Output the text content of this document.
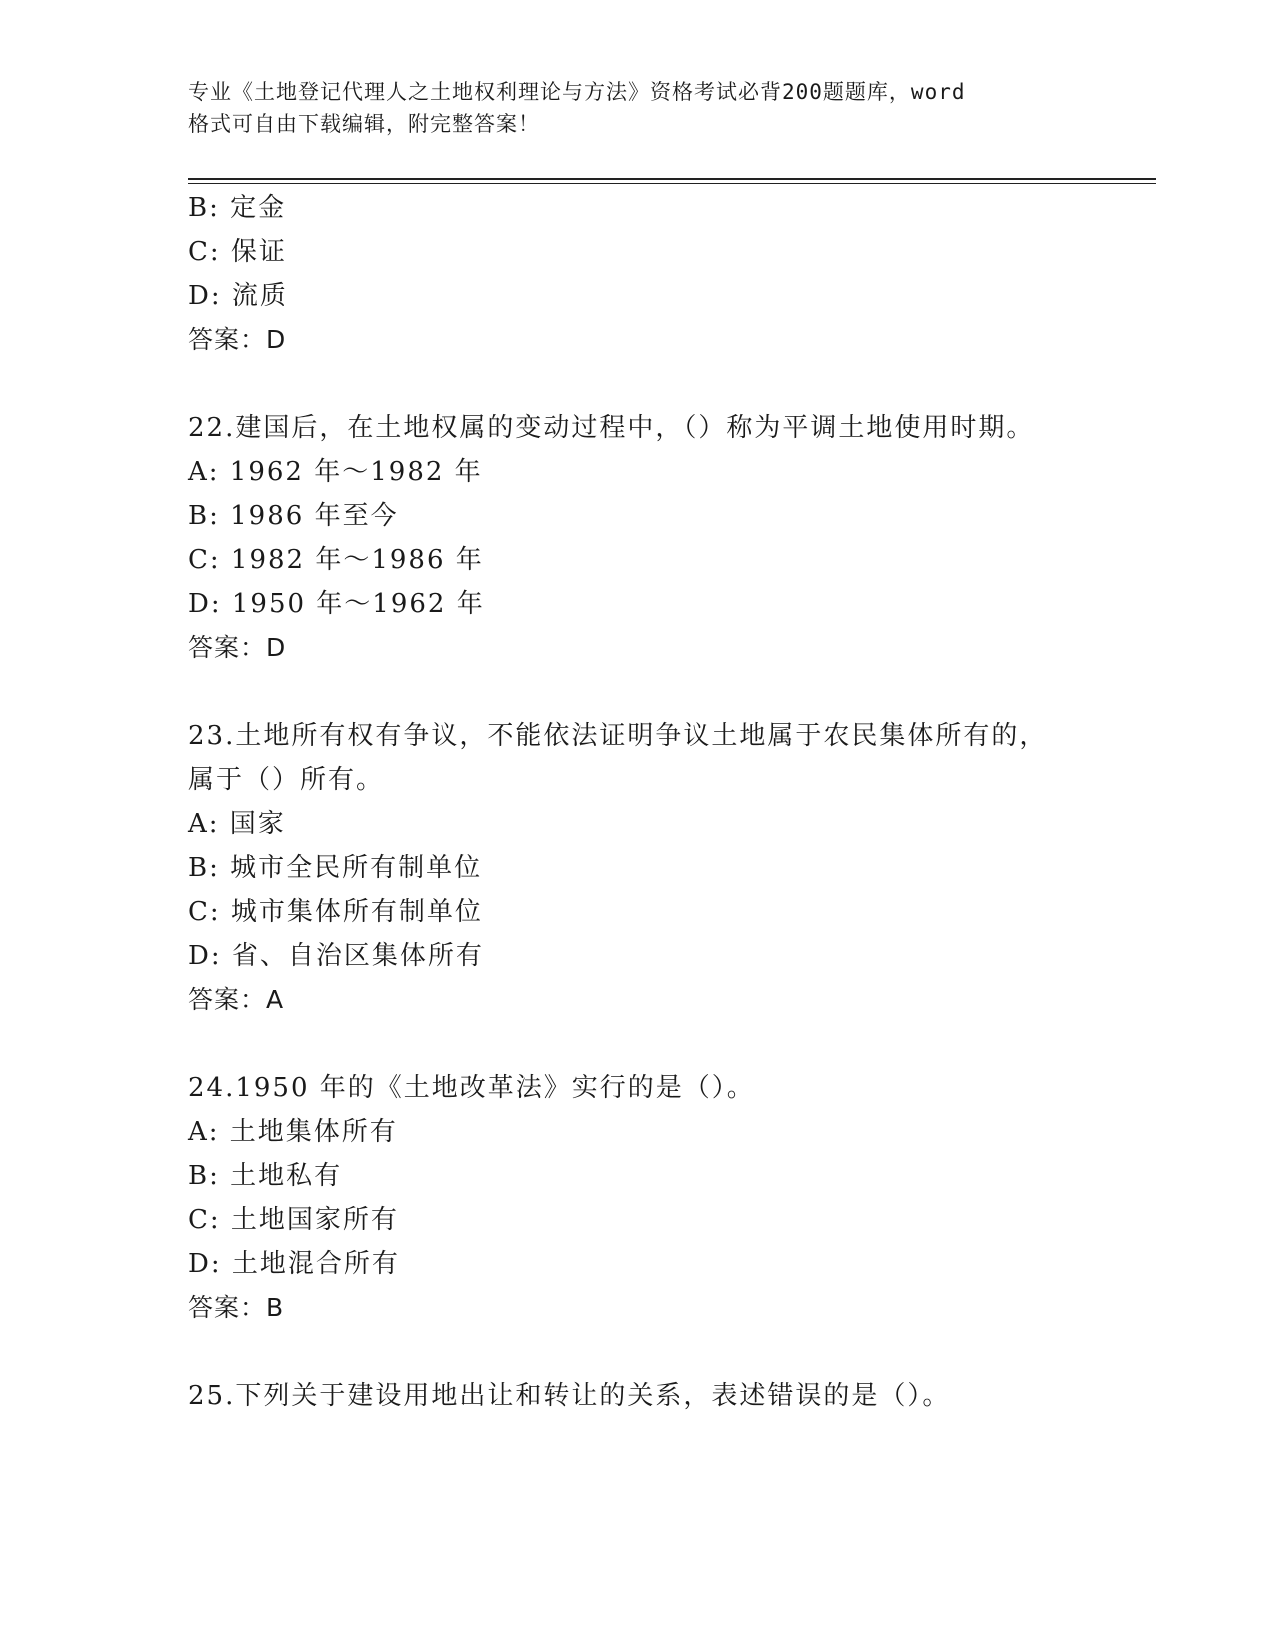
专业《土地登记代理人之土地权利理论与方法》资格考试必背200题题库，word
格式可自由下载编辑，附完整答案！
B: 定金
C: 保证
D: 流质
答案：D
22.建国后，在土地权属的变动过程中，（）称为平调土地使用时期。
A: 1962 年～1982 年
B: 1986 年至今
C: 1982 年～1986 年
D: 1950 年～1962 年
答案：D
23.土地所有权有争议，不能依法证明争议土地属于农民集体所有的，
属于（）所有。
A: 国家
B: 城市全民所有制单位
C: 城市集体所有制单位
D: 省、自治区集体所有
答案：A
24.1950 年的《土地改革法》实行的是（）。
A: 土地集体所有
B: 土地私有
C: 土地国家所有
D: 土地混合所有
答案：B
25.下列关于建设用地出让和转让的关系，表述错误的是（）。
